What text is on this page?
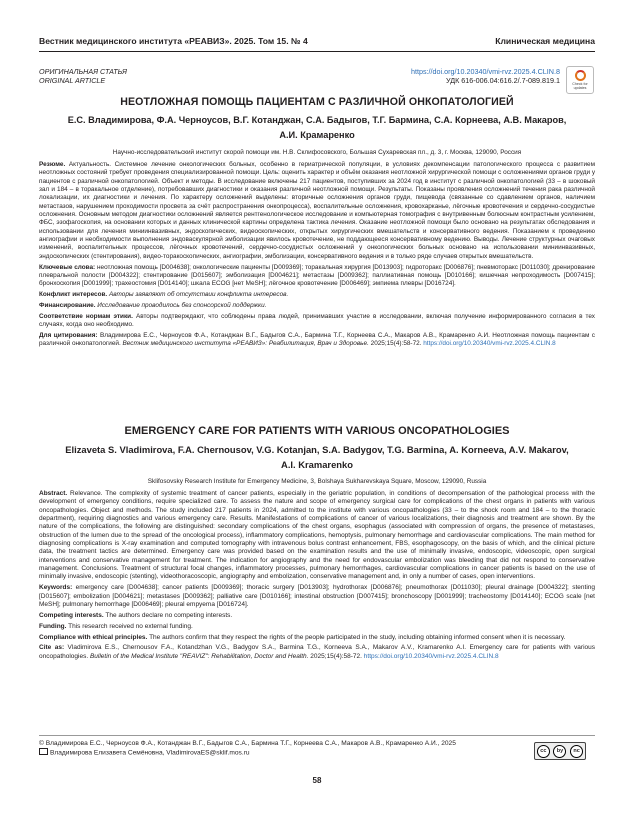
Вестник медицинского института «РЕАВИЗ». 2025. Том 15. № 4	Клиническая медицина
ОРИГИНАЛЬНАЯ СТАТЬЯ
ORIGINAL ARTICLE
https://doi.org/10.20340/vmi-rvz.2025.4.CLIN.8
УДК 616-006.04:616.2/.7-089.819.1	Check for
updates
НЕОТЛОЖНАЯ ПОМОЩЬ ПАЦИЕНТАМ С РАЗЛИЧНОЙ ОНКОПАТОЛОГИЕЙ
Е.С. Владимирова, Ф.А. Черноусов, В.Г. Котанджан, С.А. Бадыгов, Т.Г. Бармина, С.А. Корнеева, А.В. Макаров, А.И. Крамаренко
Научно-исследовательский институт скорой помощи им. Н.В. Склифосовского, Большая Сухаревская пл., д. 3, г. Москва, 129090, Россия

Резюме. Актуальность. Системное лечение онкологических больных, особенно в гериатрической популяции, в условиях декомпенсации патологического процесса с развитием неотложных состояний требует проведения специализированной помощи. Цель: оценить характер и объём оказания неотложной хирургической помощи с осложнениями органов груди у пациентов с различной онкопатологией. Объект и методы. В исследование включены 217 пациентов, поступивших за 2024 год в институт с различной онкопатологией (33 – в шоковый зал и 184 – в торакальное отделение), потребовавших диагностики и оказания различной неотложной помощи. Результаты. Показаны проявления осложнений течения рака различной локализации, их диагностики и лечения. По характеру осложнений выделены: вторичные осложнения органов груди, пищевода (связанные со сдавлением органов, наличием метастазов, нарушением проходимости просвета за счёт распространения онкопроцесса), воспалительные осложнения, кровохарканье, лёгочные кровотечения и сердечно-сосудистые осложнения. Основным методом диагностики осложнений является рентгенологическое исследование и компьютерная томография с внутривенным болюсным контрастным усилением, ФБС, эзофагоскопия, на основании которых и данных клинической картины определена тактика лечения. Оказание неотложной помощи было основано на результатах обследования и использовании для лечения миниинвазивных, эндоскопических, видеоскопических, открытых хирургических вмешательств и консервативного ведения. Показанием к проведению ангиографии и необходимости выполнения эндоваскулярной эмболизации явилось кровотечение, не поддающееся консервативному ведению. Выводы. Лечение структурных очаговых изменений, воспалительных процессов, лёгочных кровотечений, сердечно-сосудистых осложнений у онкологических больных основано на использовании миниинвазивных, эндоскопических (стентирования), видео-торакоскопических, ангиографии, эмболизации, консервативного ведения и в только ряде случаев открытых вмешательств.

Ключевые слова: неотложная помощь [D004638]; онкологические пациенты [D009369]; торакальная хирургия [D013903]; гидроторакс [D006876]; пневмоторакс [D011030]; дренирование плевральной полости [D004322]; стентирование [D015607]; эмболизация [D004621]; метастазы [D009362]; паллиативная помощь [D010166]; кишечная непроходимость [D007415]; бронхоскопия [D001999]; трахеостомия [D014140]; шкала ECOG [нет MeSH]; лёгочное кровотечение [D006469]; эмпиема плевры [D016724].

Конфликт интересов. Авторы заявляют об отсутствии конфликта интересов.

Финансирование. Исследование проводилось без спонсорской поддержки.

Соответствие нормам этики. Авторы подтверждают, что соблюдены права людей, принимавших участие в исследовании, включая получение информированного согласия в тех случаях, когда оно необходимо.

Для цитирования: Владимирова Е.С., Черноусов Ф.А., Котанджан В.Г., Бадыгов С.А., Бармина Т.Г., Корнеева С.А., Макаров А.В., Крамаренко А.И. Неотложная помощь пациентам с различной онкопатологией. Вестник медицинского института «РЕАВИЗ»: Реабилитация, Врач и Здоровье. 2025;15(4):58-72. https://doi.org/10.20340/vmi-rvz.2025.4.CLIN.8

EMERGENCY CARE FOR PATIENTS WITH VARIOUS ONCOPATHOLOGIES
Elizaveta S. Vladimirova, F.A. Chernousov, V.G. Kotanjan, S.A. Badygov, T.G. Barmina, A. Korneeva, A.V. Makarov, A.I. Kramarenko
Sklifosovsky Research Institute for Emergency Medicine, 3, Bolshaya Sukharevskaya Square, Moscow, 129090, Russia

Abstract. Relevance. The complexity of systemic treatment of cancer patients, especially in the geriatric population, in conditions of decompensation of the pathological process with the development of emergency conditions, require specialized care. To assess the nature and scope of emergency surgical care for complications of the chest organs in patients with various oncopathologies. Object and methods. The study included 217 patients in 2024, admitted to the institute with various oncopathologies (33 – to the shock room and 184 – to the thoracic department), requiring diagnostics and various emergency care. Results. Manifestations of complications of cancer of various localizations, their diagnosis and treatment are shown. By the nature of the complications, the following are distinguished: secondary complications of the chest organs, esophagus (associated with compression of organs, the presence of metastases, obstruction of the lumen due to the spread of the oncological process), inflammatory complications, hemoptysis, pulmonary hemorrhage and cardiovascular complications. The main method for diagnosing complications is X-ray examination and computed tomography with intravenous bolus contrast enhancement, FBS, esophagoscopy, on the basis of which, and the clinical picture data, the treatment tactics are determined. Emergency care was provided based on the examination results and the use of minimally invasive, endoscopic, videoscopic, open surgical interventions and conservative management for treatment. The indication for angiography and the need for endovascular embolization was bleeding that did not respond to conservative management. Conclusions. Treatment of structural focal changes, inflammatory processes, pulmonary hemorrhages, cardiovascular complications in cancer patients is based on the use of minimally invasive, endoscopic (stenting), videothoracoscopic, angiography and embolization, conservative management and, in only a number of cases, open interventions.

Keywords: emergency care [D004638]; cancer patients [D009369]; thoracic surgery [D013903]; hydrothorax [D006876]; pneumothorax [D011030]; pleural drainage [D004322]; stenting [D015607]; embolization [D004621]; metastases [D009362]; palliative care [D010166]; intestinal obstruction [D007415]; bronchoscopy [D001999]; tracheostomy [D014140]; ECOG scale [net MeSH]; pulmonary hemorrhage [D006469]; pleural empyema [D016724].

Competing interests. The authors declare no competing interests.

Funding. This research received no external funding.

Compliance with ethical principles. The authors confirm that they respect the rights of the people participated in the study, including obtaining informed consent when it is necessary.

Cite as: Vladimirova E.S., Chernousov F.A., Kotandzhan V.G., Badygov S.A., Barmina T.G., Korneeva S.A., Makarov A.V., Kramarenko A.I. Emergency care for patients with various oncopathologies. Bulletin of the Medical Institute "REAVIZ": Rehabilitation, Doctor and Health. 2025;15(4):58-72. https://doi.org/10.20340/vmi-rvz.2025.4.CLIN.8

© Владимирова Е.С., Черноусов Ф.А., Котанджан В.Г., Бадыгов С.А., Бармина Т.Г., Корнеева С.А., Макаров А.В., Крамаренко А.И., 2025
Владимирова Елизавета Семёновна, VladimirovaES@sklif.mos.ru	cc	by	nc
58
